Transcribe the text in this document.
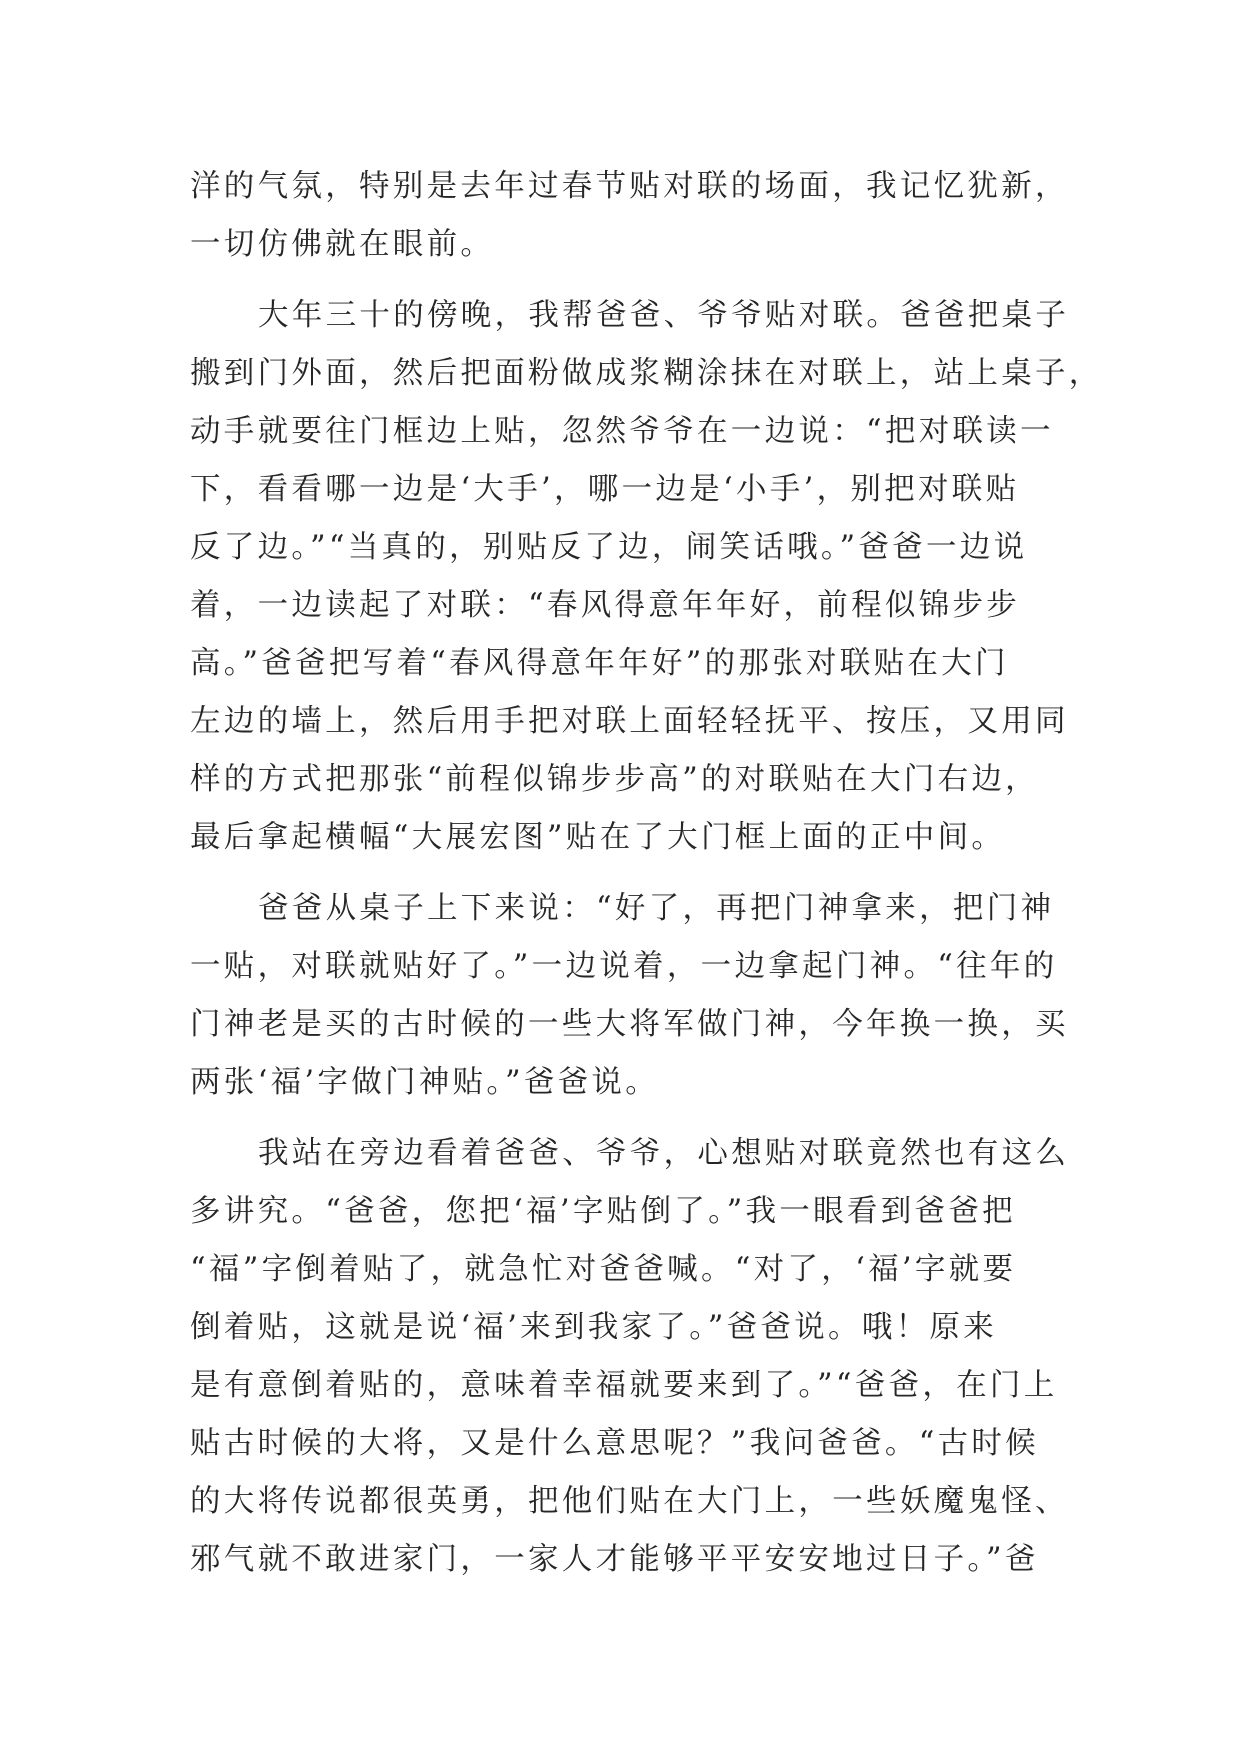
洋的气氛，特别是去年过春节贴对联的场面，我记忆犹新，
一切仿佛就在眼前。
大年三十的傍晚，我帮爸爸、爷爷贴对联。爸爸把桌子
搬到门外面，然后把面粉做成浆糊涂抹在对联上，站上桌子，
动手就要往门框边上贴，忽然爷爷在一边说：“把对联读一
下，看看哪一边是‘大手’，哪一边是‘小手’，别把对联贴
反了边。”“当真的，别贴反了边，闹笑话哦。”爸爸一边说
着，一边读起了对联：“春风得意年年好，前程似锦步步
高。”爸爸把写着“春风得意年年好”的那张对联贴在大门
左边的墙上，然后用手把对联上面轻轻抚平、按压，又用同
样的方式把那张“前程似锦步步高”的对联贴在大门右边，
最后拿起横幅“大展宏图”贴在了大门框上面的正中间。
爸爸从桌子上下来说：“好了，再把门神拿来，把门神
一贴，对联就贴好了。”一边说着，一边拿起门神。“往年的
门神老是买的古时候的一些大将军做门神，今年换一换，买
两张‘福’字做门神贴。”爸爸说。
我站在旁边看着爸爸、爷爷，心想贴对联竟然也有这么
多讲究。“爸爸，您把‘福’字贴倒了。”我一眼看到爸爸把
“福”字倒着贴了，就急忙对爸爸喊。“对了，‘福’字就要
倒着贴，这就是说‘福’来到我家了。”爸爸说。哦！原来
是有意倒着贴的，意味着幸福就要来到了。”“爸爸，在门上
贴古时候的大将，又是什么意思呢？”我问爸爸。“古时候
的大将传说都很英勇，把他们贴在大门上，一些妖魔鬼怪、
邪气就不敢进家门，一家人才能够平平安安地过日子。”爸
